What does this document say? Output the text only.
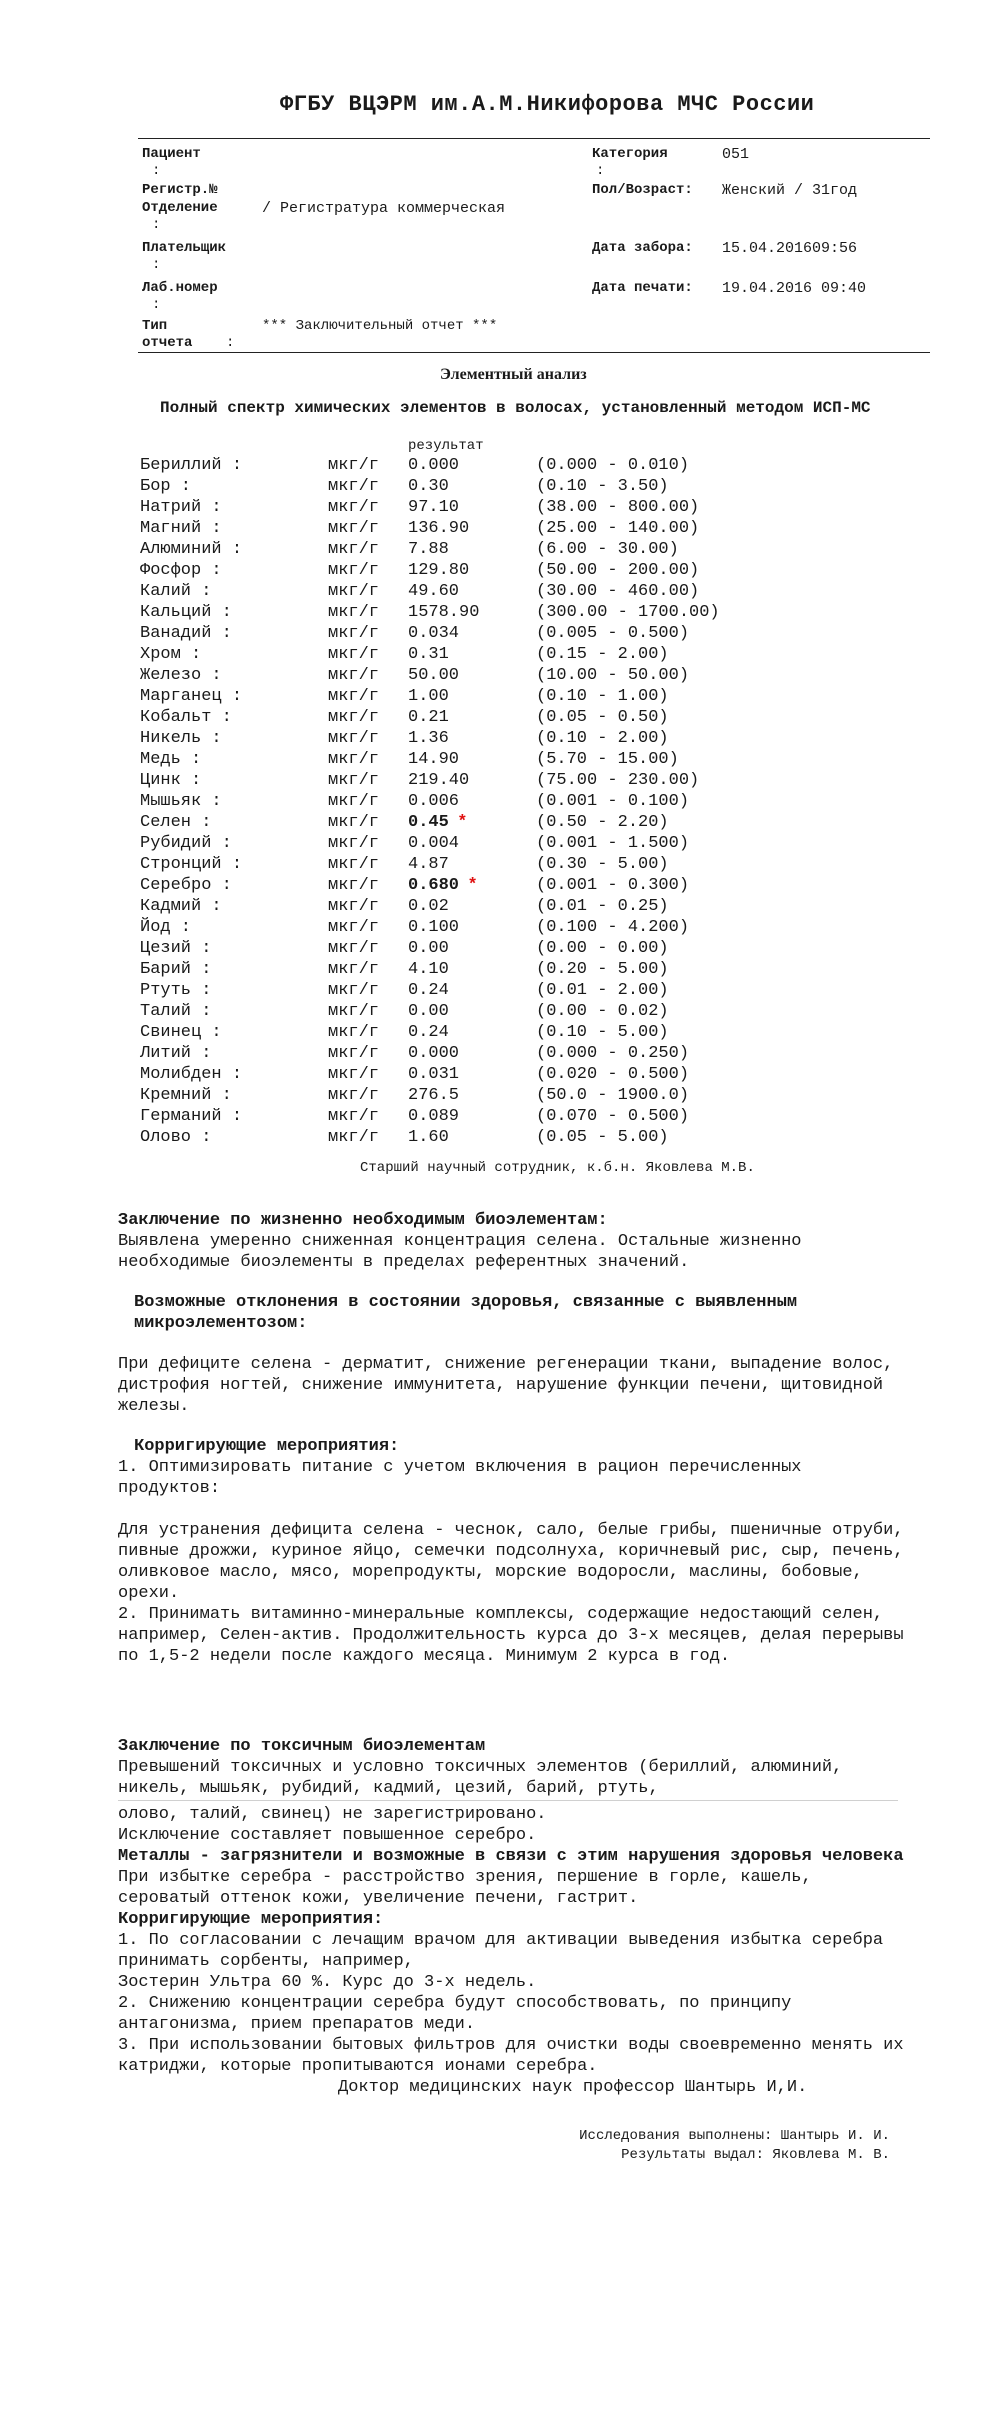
ФГБУ ВЦЭРМ им.А.М.Никифорова МЧС России
Пациент
:
Регистр.№
Отделение	/ Регистратура коммерческая
:
Плательщик
:
Лаб.номер
:
Тип	*** Заключительный отчет ***
отчета :
Категория	051
:
Пол/Возраст: Женский / 31год
Дата забора: 15.04.201609:56
Дата печати: 19.04.2016 09:40
Элементный анализ
Полный спектр химических элементов в волосах, установленный методом ИСП-МС
результат
Бериллий :	мкг/г 0.000	(0.000 - 0.010)
Бор :	мкг/г 0.30	(0.10 - 3.50)
Натрий :	мкг/г 97.10	(38.00 - 800.00)
Магний :	мкг/г 136.90	(25.00 - 140.00)
Алюминий :	мкг/г 7.88	(6.00 - 30.00)
Фосфор :	мкг/г 129.80	(50.00 - 200.00)
Калий :	мкг/г 49.60	(30.00 - 460.00)
Кальций :	мкг/г 1578.90	(300.00 - 1700.00)
Ванадий :	мкг/г 0.034	(0.005 - 0.500)
Хром :	мкг/г 0.31	(0.15 - 2.00)
Железо :	мкг/г 50.00	(10.00 - 50.00)
Марганец :	мкг/г 1.00	(0.10 - 1.00)
Кобальт :	мкг/г 0.21	(0.05 - 0.50)
Никель :	мкг/г 1.36	(0.10 - 2.00)
Медь :	мкг/г 14.90	(5.70 - 15.00)
Цинк :	мкг/г 219.40	(75.00 - 230.00)
Мышьяк :	мкг/г 0.006	(0.001 - 0.100)
Селен :	мкг/г 0.45 *	(0.50 - 2.20)
Рубидий :	мкг/г 0.004	(0.001 - 1.500)
Стронций :	мкг/г 4.87	(0.30 - 5.00)
Серебро :	мкг/г 0.680 *	(0.001 - 0.300)
Кадмий :	мкг/г 0.02	(0.01 - 0.25)
Йод :	мкг/г 0.100	(0.100 - 4.200)
Цезий :	мкг/г 0.00	(0.00 - 0.00)
Барий :	мкг/г 4.10	(0.20 - 5.00)
Ртуть :	мкг/г 0.24	(0.01 - 2.00)
Талий :	мкг/г 0.00	(0.00 - 0.02)
Свинец :	мкг/г 0.24	(0.10 - 5.00)
Литий :	мкг/г 0.000	(0.000 - 0.250)
Молибден :	мкг/г 0.031	(0.020 - 0.500)
Кремний :	мкг/г 276.5	(50.0 - 1900.0)
Германий :	мкг/г 0.089	(0.070 - 0.500)
Олово :	мкг/г 1.60	(0.05 - 5.00)
Старший научный сотрудник, к.б.н. Яковлева М.В.

Заключение по жизненно необходимым биоэлементам:

Выявлена умеренно сниженная концентрация селена. Остальные жизненно необходимые биоэлементы в пределах референтных значений.

Возможные отклонения в состоянии здоровья, связанные с выявленным микроэлементозом:

При дефиците селена - дерматит, снижение регенерации ткани, выпадение волос, дистрофия ногтей, снижение иммунитета, нарушение функции печени, щитовидной железы.

Корригирующие мероприятия:

1. Оптимизировать питание с учетом включения в рацион перечисленных продуктов:

Для устранения дефицита селена - чеснок, сало, белые грибы, пшеничные отруби, пивные дрожжи, куриное яйцо, семечки подсолнуха, коричневый рис, сыр, печень, оливковое масло, мясо, морепродукты, морские водоросли, маслины, бобовые, орехи.

2. Принимать витаминно-минеральные комплексы, содержащие недостающий селен, например, Селен-актив. Продолжительность курса до 3-х месяцев, делая перерывы по 1,5-2 недели после каждого месяца. Минимум 2 курса в год.

Заключение по токсичным биоэлементам

Превышений токсичных и условно токсичных элементов (бериллий, алюминий, никель, мышьяк, рубидий, кадмий, цезий, барий, ртуть,

олово, талий, свинец) не зарегистрировано.

Исключение составляет повышенное серебро.

Металлы - загрязнители и возможные в связи с этим нарушения здоровья человека

При избытке серебра - расстройство зрения, першение в горле, кашель, сероватый оттенок кожи, увеличение печени, гастрит.

Корригирующие мероприятия:

1. По согласовании с лечащим врачом для активации выведения избытка серебра принимать сорбенты, например,

Зостерин Ультра 60 %. Курс до 3-х недель.

2. Снижению концентрации серебра будут способствовать, по принципу антагонизма, прием препаратов меди.

3. При использовании бытовых фильтров для очистки воды своевременно менять их катриджи, которые пропитываются ионами серебра.

Доктор медицинских наук профессор Шантырь И,И.

Исследования выполнены: Шантырь И. И.
Результаты выдал: Яковлева М. В.
